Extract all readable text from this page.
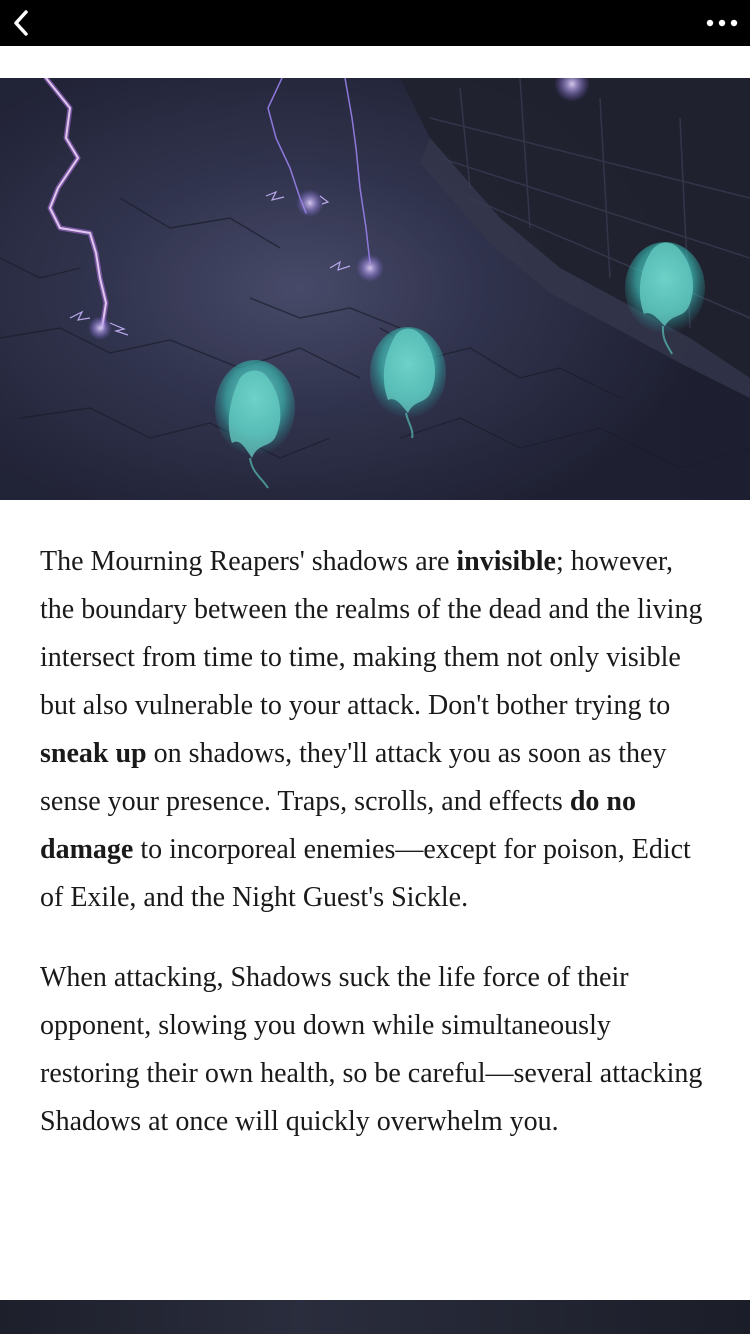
The Mourning Reapers' shadows are invisible; however, the boundary between the realms of the dead and the living intersect from time to time, making them not only visible but also vulnerable to your attack. Don't bother trying to sneak up on shadows, they'll attack you as soon as they sense your presence. Traps, scrolls, and effects do no damage to incorporeal enemies—except for poison, Edict of Exile, and the Night Guest's Sickle.

When attacking, Shadows suck the life force of their opponent, slowing you down while simultaneously restoring their own health, so be careful—several attacking Shadows at once will quickly overwhelm you.
